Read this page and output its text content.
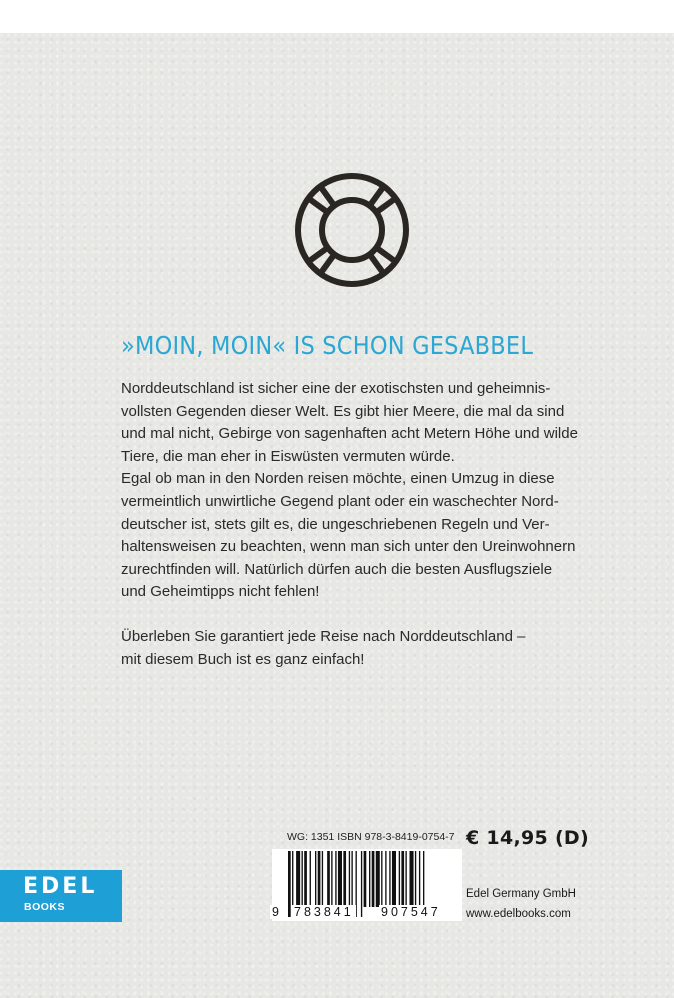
»MOIN, MOIN« IS SCHON GESABBEL

Norddeutschland ist sicher eine der exotischsten und geheimnis-

vollsten Gegenden dieser Welt. Es gibt hier Meere, die mal da sind

und mal nicht, Gebirge von sagenhaften acht Metern Höhe und wilde

Tiere, die man eher in Eiswüsten vermuten würde.

Egal ob man in den Norden reisen möchte, einen Umzug in diese

vermeintlich unwirtliche Gegend plant oder ein waschechter Nord-

deutscher ist, stets gilt es, die ungeschriebenen Regeln und Ver-

haltensweisen zu beachten, wenn man sich unter den Ureinwohnern

zurechtfinden will. Natürlich dürfen auch die besten Ausflugsziele

und Geheimtipps nicht fehlen!

Überleben Sie garantiert jede Reise nach Norddeutschland –

mit diesem Buch ist es ganz einfach!

WG: 1351 ISBN 978-3-8419-0754-7
9 783841 907547
€ 14,95 (D)
Edel Germany GmbH
www.edelbooks.com
EDEL
BOOKS
